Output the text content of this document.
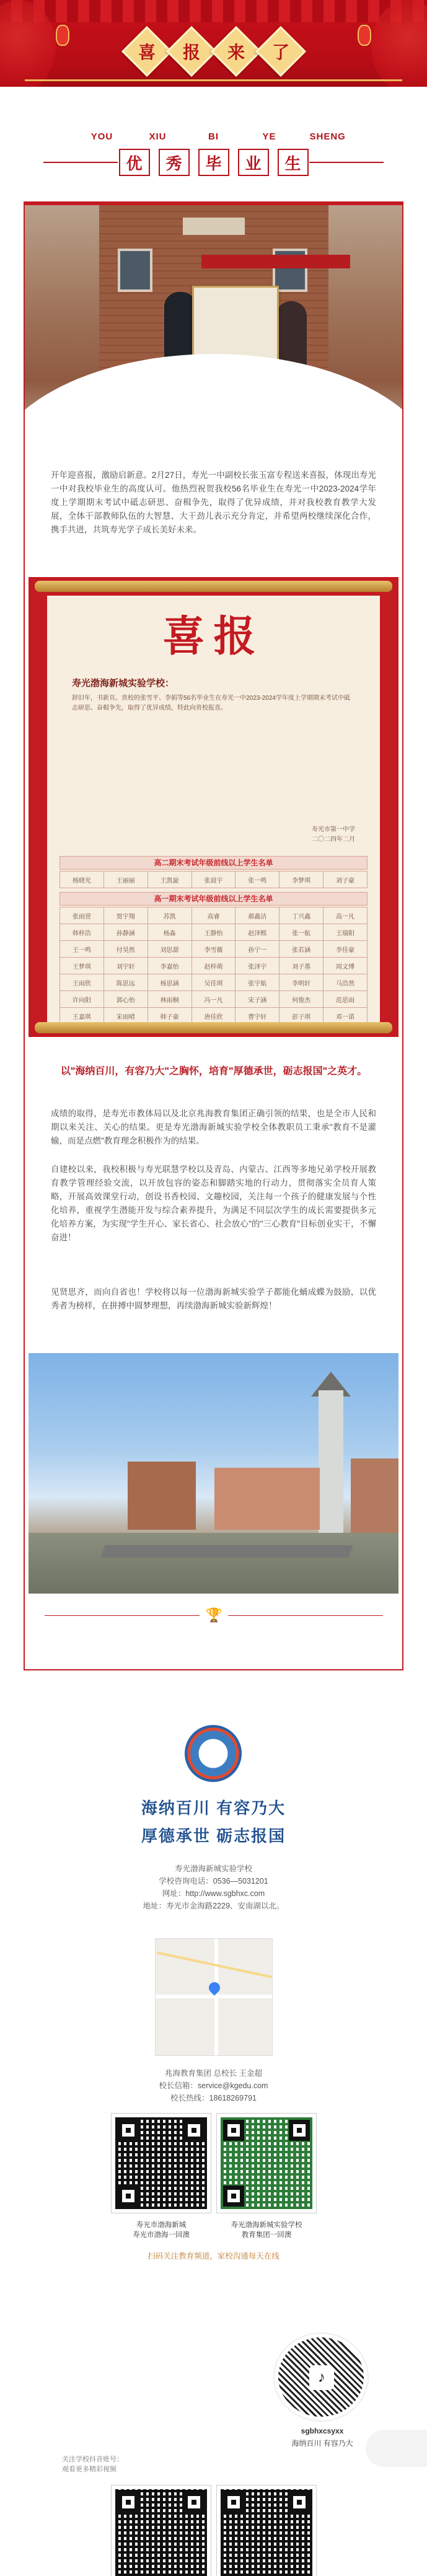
喜 报 来 了
YOU	XIU	BI	YE	SHENG
优	秀	毕	业	生

开年迎喜报，激励启新意。2月27日，寿光一中副校长张玉富专程送来喜报，体现出寿光一中对我校毕业生的高度认可。他热烈祝贺我校56名毕业生在寿光一中2023-2024学年度上学期期末考试中砥志研思、奋楫争先，取得了优异成绩，并对我校教育教学大发展，全体干部教师队伍的大智慧、大干劲儿表示充分肯定，并希望两校继续深化合作，携手共进，共筑寿光学子成长美好未来。

喜报
寿光渤海新城实验学校：
辞旧年，书新页。贵校的张雪平、李娟等56名毕业生在寿光一中2023-2024学年度上学期期末考试中砥志研思、奋楫争先，取得了优异成绩，特此向贵校报喜。
寿光市第一中学
二〇二四年二月
高二期末考试年级前线以上学生名单
杨晓光	王丽丽	王凯旋	张晨宇	张一鸣	李梦琪	刘子豪
高一期末考试年级前线以上学生名单
张雨萱	贾宇翔	苏凯	高睿	郝鑫洁	丁兴鑫	高一凡
韩梓浩	孙静涵	杨淼	王静怡	赵泽熙	张一航	王瑞阳
王一鸣	付昊然	刘思甜	李雪薇	孙宁一	张若涵	李佳豪
王梦琪	刘宇轩	李嘉怡	赵梓萌	张泽宇	刘子墨	周文博
王雨欣	陈思远	杨思涵	吴佳琪	张宇航	李明轩	马浩然
许向阳	郭心怡	林雨桐	冯一凡	宋子涵	何俊杰	范思雨
王嘉琪	宋雨晴	韩子豪	唐佳欣	曹宇轩	彭子琪	邓一诺

以"海纳百川，有容乃大"之胸怀，培育"厚德承世，砺志报国"之英才。

成绩的取得，是寿光市教体局以及北京兆海教育集团正确引领的结果，也是全市人民和期以来关注、关心的结果。更是寿光渤海新城实验学校全体教职员工秉承"教育不是灌输，而是点燃"教育理念积极作为的结果。

自建校以来，我校积极与寿光联慧学校以及青岛、内蒙古、江西等多地兄弟学校开展教育教学管理经验交流，以开放包容的姿态和脚踏实地的行动力，贯彻落实全员育人策略，开展高效课堂行动，创设书香校园、文趣校园，关注每一个孩子的健康发展与个性化培养，重视学生潜能开发与综合素养提升，为满足不同层次学生的成长需要提供多元化培养方案，为实现"学生开心、家长省心、社会放心"的"三心教育"目标创业实干，不懈奋进！

见贤思齐，而向自省也！学校将以每一位渤海新城实验学子都能化蛹成蝶为鼓励，以优秀者为榜样，在拼搏中圆梦理想，再续渤海新城实验新辉煌！

🏆
海纳百川 有容乃大
厚德承世 砺志报国
寿光渤海新城实验学校
学校咨询电话：0536—5031201
网址：http://www.sgbhxc.com
地址：寿光市金海路2229、安南湖以北。
兆海教育集团 总校长 王金超
校长信箱：service@kgedu.com
校长热线：18618269791
寿光市渤海新城
寿光市渤海一回澳
寿光渤海新城实验学校
教育集团一回澳
扫码关注教育频道，家校沟通每天在线
♪
sgbhxcsyxx
海纳百川 有容乃大
关注学校抖音账号：
观看更多精彩视频
